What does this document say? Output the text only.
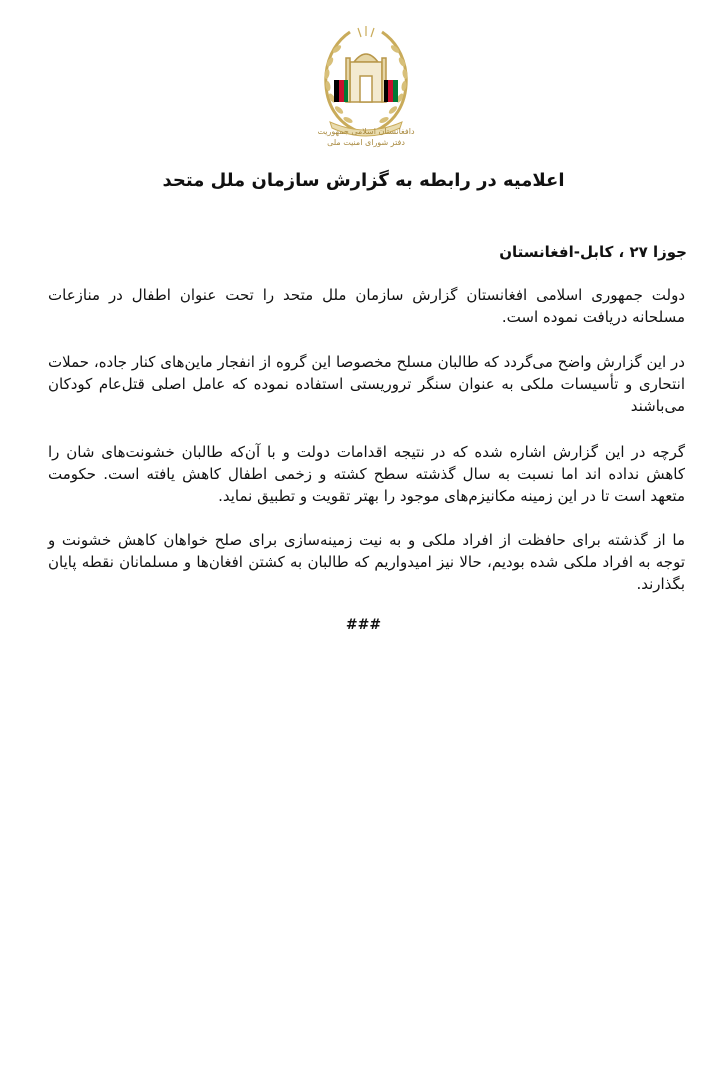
دافغانستان اسلامی جمهوریت
دفتر شورای امنیت ملی
اعلامیه در رابطه به گزارش سازمان ملل متحد
جوزا ۲۷ ، کابل-افغانستان
دولت جمهوری اسلامی افغانستان گزارش سازمان ملل متحد را تحت عنوان اطفال در منازعات مسلحانه دریافت نموده است.
در این گزارش واضح می‌گردد که طالبان مسلح مخصوصا این گروه از انفجار ماین‌های کنار جاده، حملات انتحاری و تأسیسات ملکی به عنوان سنگر تروریستی استفاده نموده که عامل اصلی قتل‌عام کودکان می‌باشند
گرچه در این گزارش اشاره شده که در نتیجه اقدامات دولت و با آن‌که طالبان خشونت‌های شان را کاهش نداده اند اما نسبت به سال گذشته سطح کشته و زخمی اطفال کاهش یافته است. حکومت متعهد است تا در این زمینه مکانیزم‌های موجود را بهتر تقویت و تطبیق نماید.
ما از گذشته برای حافظت از افراد ملکی و به نیت زمینه‌سازی برای صلح خواهان کاهش خشونت و توجه به افراد ملکی شده بودیم، حالا نیز امیدواریم که طالبان به کشتن افغان‌ها و مسلمانان نقطه پایان بگذارند.
###
